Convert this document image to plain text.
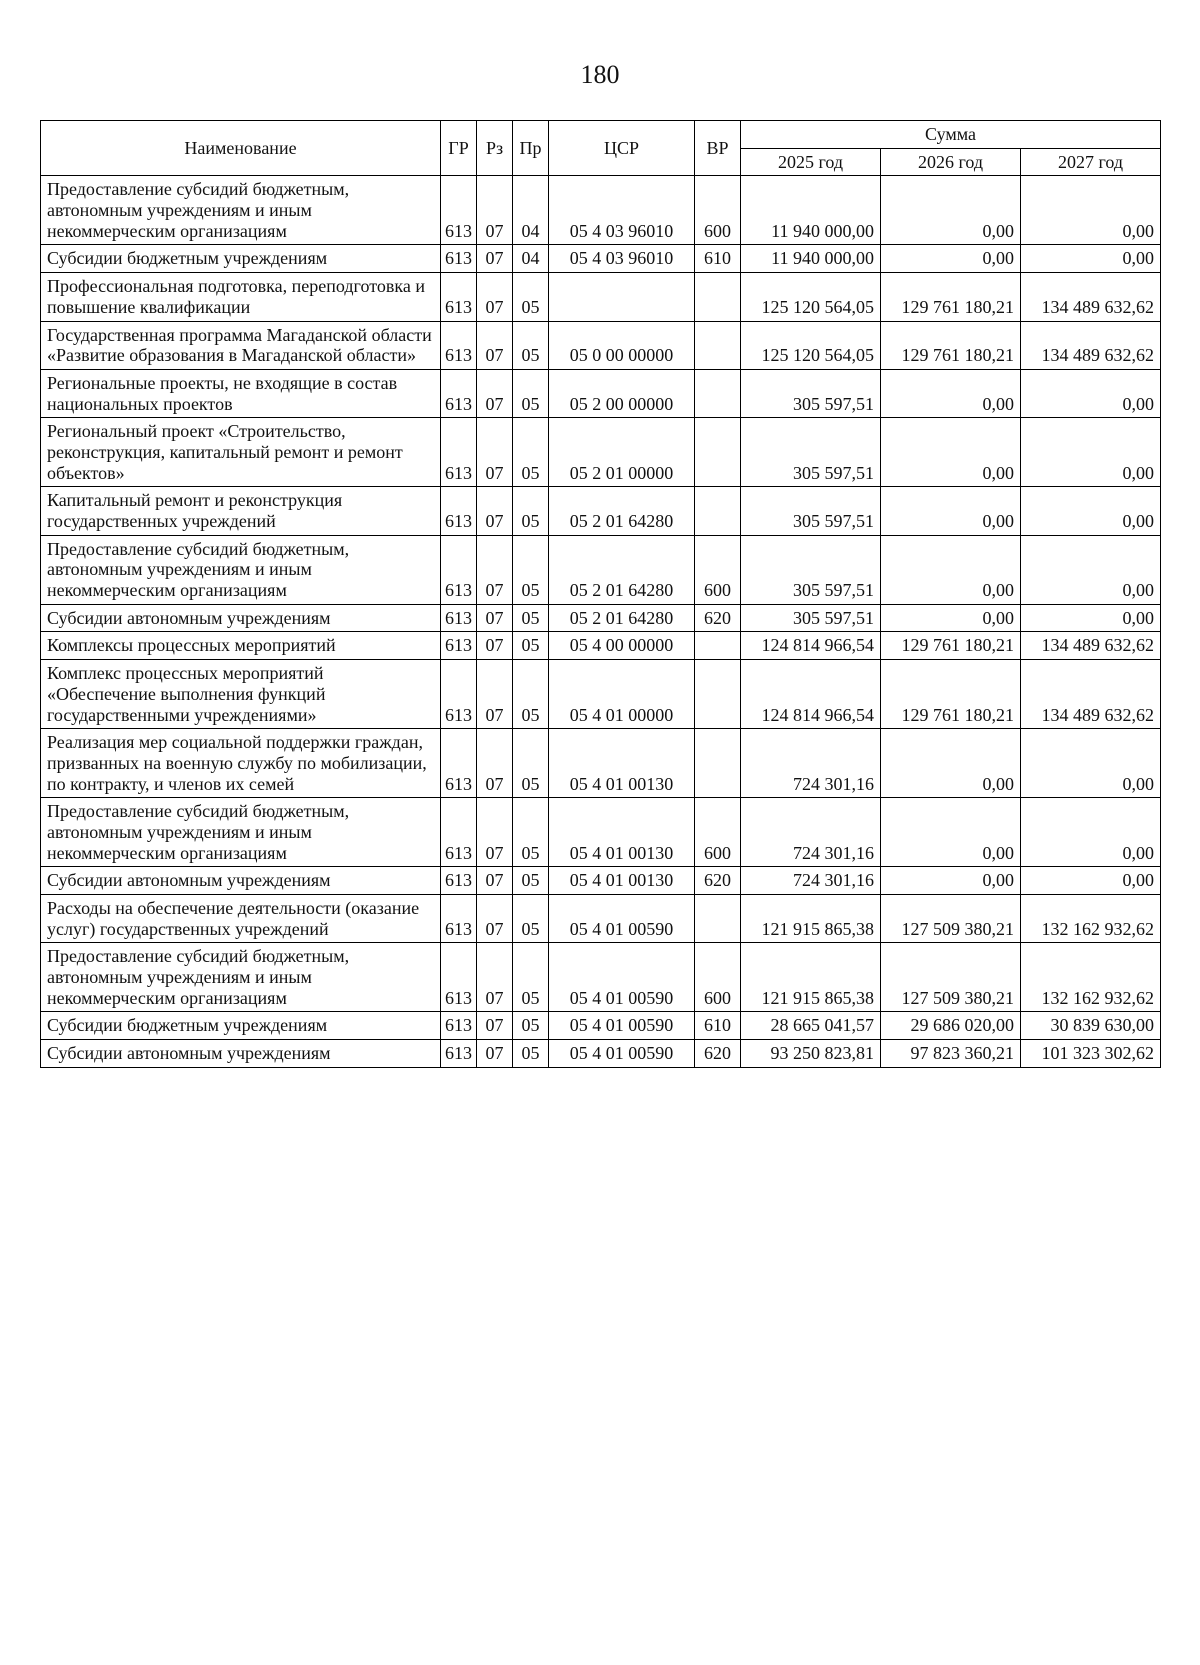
180
Наименование	ГР	Рз	Пр	ЦСР	ВР	Сумма		
						2025 год	2026 год	2027 год
Предоставление субсидий бюджетным, автономным учреждениям и иным некоммерческим организациям	613	07	04	05 4 03 96010	600	11 940 000,00	0,00	0,00
Субсидии бюджетным учреждениям	613	07	04	05 4 03 96010	610	11 940 000,00	0,00	0,00
Профессиональная подготовка, переподготовка и повышение квалификации	613	07	05			125 120 564,05	129 761 180,21	134 489 632,62
Государственная программа Магаданской области «Развитие образования в Магаданской области»	613	07	05	05 0 00 00000		125 120 564,05	129 761 180,21	134 489 632,62
Региональные проекты, не входящие в состав национальных проектов	613	07	05	05 2 00 00000		305 597,51	0,00	0,00
Региональный проект «Строительство, реконструкция, капитальный ремонт и ремонт объектов»	613	07	05	05 2 01 00000		305 597,51	0,00	0,00
Капитальный ремонт и реконструкция государственных учреждений	613	07	05	05 2 01 64280		305 597,51	0,00	0,00
Предоставление субсидий бюджетным, автономным учреждениям и иным некоммерческим организациям	613	07	05	05 2 01 64280	600	305 597,51	0,00	0,00
Субсидии автономным учреждениям	613	07	05	05 2 01 64280	620	305 597,51	0,00	0,00
Комплексы процессных мероприятий	613	07	05	05 4 00 00000		124 814 966,54	129 761 180,21	134 489 632,62
Комплекс процессных мероприятий «Обеспечение выполнения функций государственными учреждениями»	613	07	05	05 4 01 00000		124 814 966,54	129 761 180,21	134 489 632,62
Реализация мер социальной поддержки граждан, призванных на военную службу по мобилизации, по контракту, и членов их семей	613	07	05	05 4 01 00130		724 301,16	0,00	0,00
Предоставление субсидий бюджетным, автономным учреждениям и иным некоммерческим организациям	613	07	05	05 4 01 00130	600	724 301,16	0,00	0,00
Субсидии автономным учреждениям	613	07	05	05 4 01 00130	620	724 301,16	0,00	0,00
Расходы на обеспечение деятельности (оказание услуг) государственных учреждений	613	07	05	05 4 01 00590		121 915 865,38	127 509 380,21	132 162 932,62
Предоставление субсидий бюджетным, автономным учреждениям и иным некоммерческим организациям	613	07	05	05 4 01 00590	600	121 915 865,38	127 509 380,21	132 162 932,62
Субсидии бюджетным учреждениям	613	07	05	05 4 01 00590	610	28 665 041,57	29 686 020,00	30 839 630,00
Субсидии автономным учреждениям	613	07	05	05 4 01 00590	620	93 250 823,81	97 823 360,21	101 323 302,62
